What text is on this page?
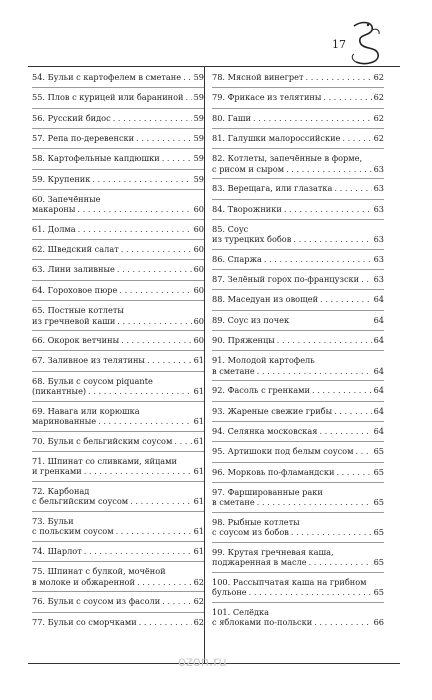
17
54. Бульи с картофелем в сметане . . . 59
55. Плов с курицей или бараниной . . . 59
56. Русский бидос . . .	59
57. Репа по-деревенски . . .	59
58. Картофельные капдюшки . . .	59
59. Крупеник . . .	59
60. Запечённые
макароны . . .	60
61. Долма . . .	60
62. Шведский салат . . .	60
63. Лини заливные . . .	60
64. Гороховое пюре . . .	60
65. Постные котлеты
из гречневой каши . . .	60
66. Окорок ветчины . . .	60
67. Заливное из телятины . . .	61
68. Бульи с соусом piquante
(пикантные) . . .	61
69. Навага или корюшка
маринованные . . .	61
70. Бульи с бельгийским соусом . . .	61
71. Шпинат со сливками, яйцами
и гренками . . .	61
72. Карбонад
с бельгийским соусом . . .	61
73. Бульи
с польским соусом . . .	61
74. Шарлот . . .	61
75. Шпинат с булкой, мочёной
в молоке и обжаренной . . .	62
76. Бульи с соусом из фасоли . . .	62
77. Бульи со сморчками . . .	62
78. Мясной винегрет . . .	62
79. Фрикасе из телятины . . .	62
80. Гаши . . .	62
81. Галушки малороссийские . . .	62
82. Котлеты, запечённые в форме,
с рисом и сыром . . .	63
83. Верещага, или глазатка . . .	63
84. Творожники . . .	63
85. Соус
из турецких бобов . . .	63
86. Спаржа . . .	63
87. Зелёный горох по-французски . . . 63
88. Маседуан из овощей . . .	64
89. Соус из почек	64
90. Пряженцы . . .	64
91. Молодой картофель
в сметане . . .	64
92. Фасоль с гренками . . .	64
93. Жареные свежие грибы . . .	64
94. Селянка московская . . .	64
95. Артишоки под белым соусом . . . 65
96. Морковь по-фламандски . . .	65
97. Фаршированные раки
в сметане . . .	65
98. Рыбные котлеты
с соусом из бобов . . .	65
99. Крутая гречневая каша,
поджаренная в масле . . .	65
100. Рассыпчатая каша на грибном
бульоне . . .	65
101. Селёдка
с яблоками по-польски . . .	66
ozon.ru
